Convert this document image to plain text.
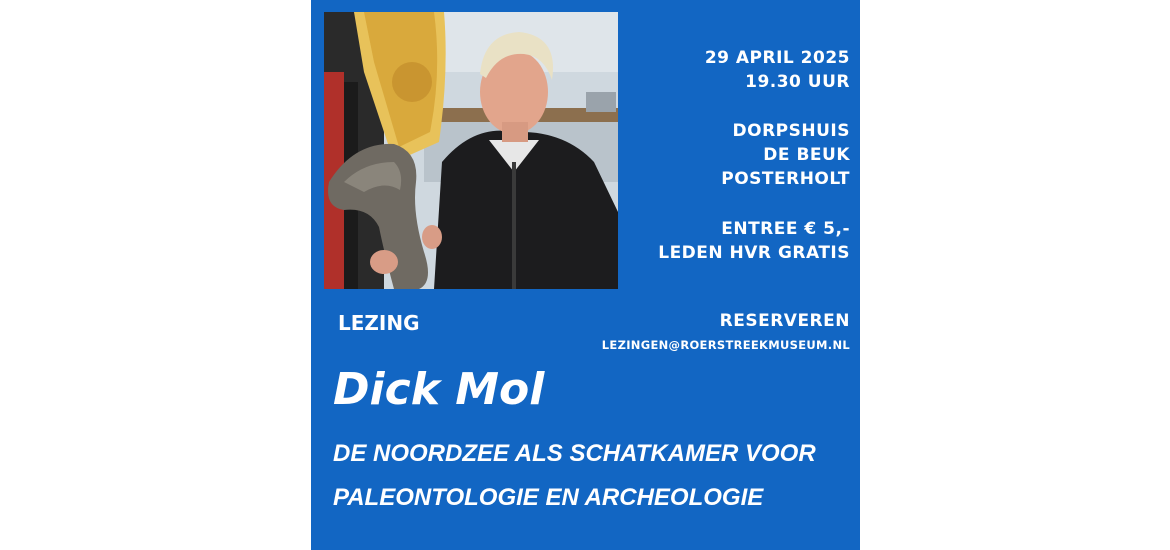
29 APRIL 2025
19.30 UUR
DORPSHUIS
DE BEUK
POSTERHOLT
ENTREE € 5,-
LEDEN HVR GRATIS
RESERVEREN
LEZINGEN@ROERSTREEKMUSEUM.NL
LEZING
Dick Mol
DE NOORDZEE ALS SCHATKAMER VOOR
PALEONTOLOGIE EN ARCHEOLOGIE
